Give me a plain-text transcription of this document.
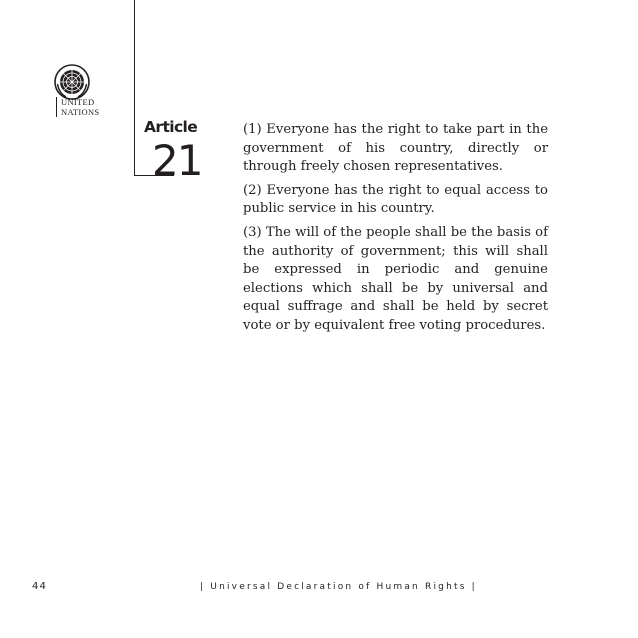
UNITED
NATIONS
Article
21

(1) Everyone has the right to take part in the government of his country, directly or through freely chosen representatives.

(2) Everyone has the right to equal access to public service in his country.

(3) The will of the people shall be the basis of the authority of government; this will shall be expressed in periodic and genuine elections which shall be by universal and equal suffrage and shall be held by secret vote or by equivalent free voting procedures.

44	| Universal Declaration of Human Rights |
